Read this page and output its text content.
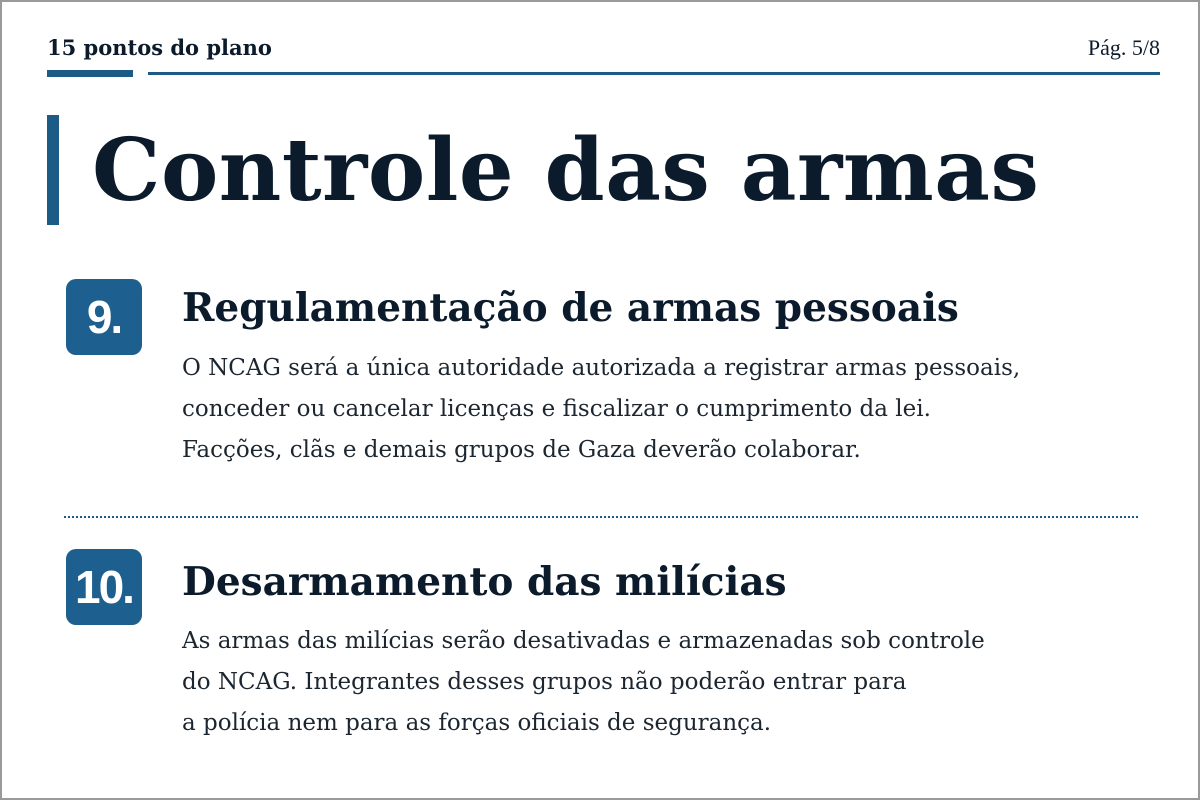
15 pontos do plano	Pág. 5/8
Controle das armas
9.	Regulamentação de armas pessoais

O NCAG será a única autoridade autorizada a registrar armas pessoais,
conceder ou cancelar licenças e fiscalizar o cumprimento da lei.
Facções, clãs e demais grupos de Gaza deverão colaborar.

10. Desarmamento das milícias

As armas das milícias serão desativadas e armazenadas sob controle
do NCAG. Integrantes desses grupos não poderão entrar para
a polícia nem para as forças oficiais de segurança.
